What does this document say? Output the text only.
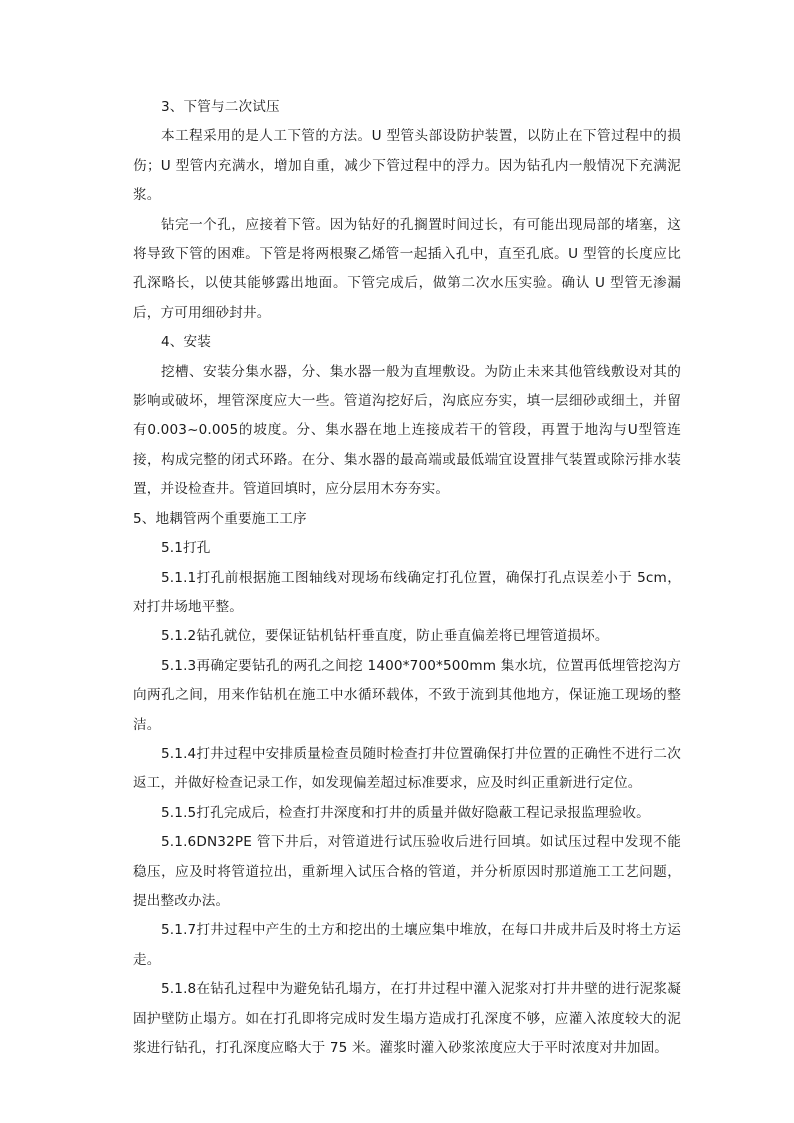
3、下管与二次试压

本工程采用的是人工下管的方法。U 型管头部设防护装置，以防止在下管过程中的损伤；U 型管内充满水，增加自重，减少下管过程中的浮力。因为钻孔内一般情况下充满泥浆。

钻完一个孔，应接着下管。因为钻好的孔搁置时间过长，有可能出现局部的堵塞，这将导致下管的困难。下管是将两根聚乙烯管一起插入孔中，直至孔底。U 型管的长度应比孔深略长，以使其能够露出地面。下管完成后，做第二次水压实验。确认 U 型管无渗漏后，方可用细砂封井。

4、安装

挖槽、安装分集水器，分、集水器一般为直埋敷设。为防止未来其他管线敷设对其的影响或破坏，埋管深度应大一些。管道沟挖好后，沟底应夯实，填一层细砂或细土，并留有0.003~0.005的坡度。分、集水器在地上连接成若干的管段，再置于地沟与U型管连接，构成完整的闭式环路。在分、集水器的最高端或最低端宜设置排气装置或除污排水装置，并设检查井。管道回填时，应分层用木夯夯实。

5、地耦管两个重要施工工序

5.1打孔

5.1.1打孔前根据施工图轴线对现场布线确定打孔位置，确保打孔点误差小于 5cm，对打井场地平整。

5.1.2钻孔就位，要保证钻机钻杆垂直度，防止垂直偏差将已埋管道损坏。

5.1.3再确定要钻孔的两孔之间挖 1400*700*500mm 集水坑，位置再低埋管挖沟方向两孔之间，用来作钻机在施工中水循环载体，不致于流到其他地方，保证施工现场的整洁。

5.1.4打井过程中安排质量检查员随时检查打井位置确保打井位置的正确性不进行二次返工，并做好检查记录工作，如发现偏差超过标准要求，应及时纠正重新进行定位。

5.1.5打孔完成后，检查打井深度和打井的质量并做好隐蔽工程记录报监理验收。

5.1.6DN32PE 管下井后，对管道进行试压验收后进行回填。如试压过程中发现不能稳压，应及时将管道拉出，重新埋入试压合格的管道，并分析原因时那道施工工艺问题，提出整改办法。

5.1.7打井过程中产生的土方和挖出的土壤应集中堆放，在每口井成井后及时将土方运走。

5.1.8在钻孔过程中为避免钻孔塌方，在打井过程中灌入泥浆对打井井壁的进行泥浆凝固护壁防止塌方。如在打孔即将完成时发生塌方造成打孔深度不够，应灌入浓度较大的泥浆进行钻孔，打孔深度应略大于 75 米。灌浆时灌入砂浆浓度应大于平时浓度对井加固。
